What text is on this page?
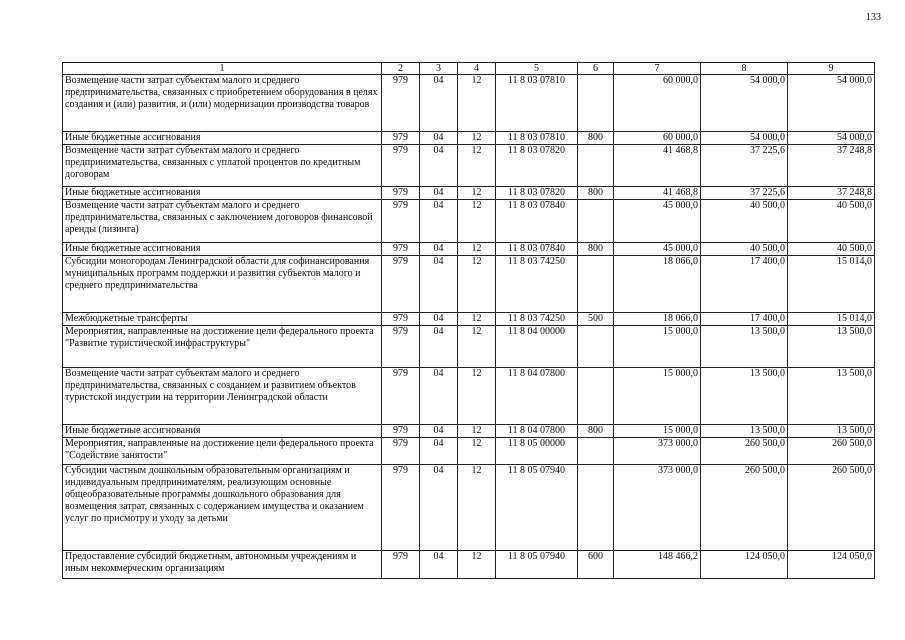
133
1	2	3	4	5	6	7	8	9
Возмещение части затрат субъектам малого и среднего предпринимательства, связанных с приобретением оборудования в целях создания и (или) развития, и (или) модернизации производства товаров	979	04	12	11 8 03 07810		60 000,0	54 000,0	54 000,0
Иные бюджетные ассигнования	979	04	12	11 8 03 07810	800	60 000,0	54 000,0	54 000,0
Возмещение части затрат субъектам малого и среднего предпринимательства, связанных с уплатой процентов по кредитным договорам	979	04	12	11 8 03 07820		41 468,8	37 225,6	37 248,8
Иные бюджетные ассигнования	979	04	12	11 8 03 07820	800	41 468,8	37 225,6	37 248,8
Возмещение части затрат субъектам малого и среднего предпринимательства, связанных с заключением договоров финансовой аренды (лизинга)	979	04	12	11 8 03 07840		45 000,0	40 500,0	40 500,0
Иные бюджетные ассигнования	979	04	12	11 8 03 07840	800	45 000,0	40 500,0	40 500,0
Субсидии моногородам Ленинградской области для софинансирования муниципальных программ поддержки и развития субъектов малого и среднего предпринимательства	979	04	12	11 8 03 74250		18 066,0	17 400,0	15 014,0
Межбюджетные трансферты	979	04	12	11 8 03 74250	500	18 066,0	17 400,0	15 014,0
Мероприятия, направленные на достижение цели федерального проекта "Развитие туристической инфраструктуры"	979	04	12	11 8 04 00000		15 000,0	13 500,0	13 500,0
Возмещение части затрат субъектам малого и среднего предпринимательства, связанных с созданием и развитием объектов туристской индустрии на территории Ленинградской области	979	04	12	11 8 04 07800		15 000,0	13 500,0	13 500,0
Иные бюджетные ассигнования	979	04	12	11 8 04 07800	800	15 000,0	13 500,0	13 500,0
Мероприятия, направленные на достижение цели федерального проекта "Содействие занятости"	979	04	12	11 8 05 00000		373 000,0	260 500,0	260 500,0
Субсидии частным дошкольным образовательным организациям и индивидуальным предпринимателям, реализующим основные общеобразовательные программы дошкольного образования для возмещения затрат, связанных с содержанием имущества и оказанием услуг по присмотру и уходу за детьми	979	04	12	11 8 05 07940		373 000,0	260 500,0	260 500,0
Предоставление субсидий бюджетным, автономным учреждениям и иным некоммерческим организациям	979	04	12	11 8 05 07940	600	148 466,2	124 050,0	124 050,0
